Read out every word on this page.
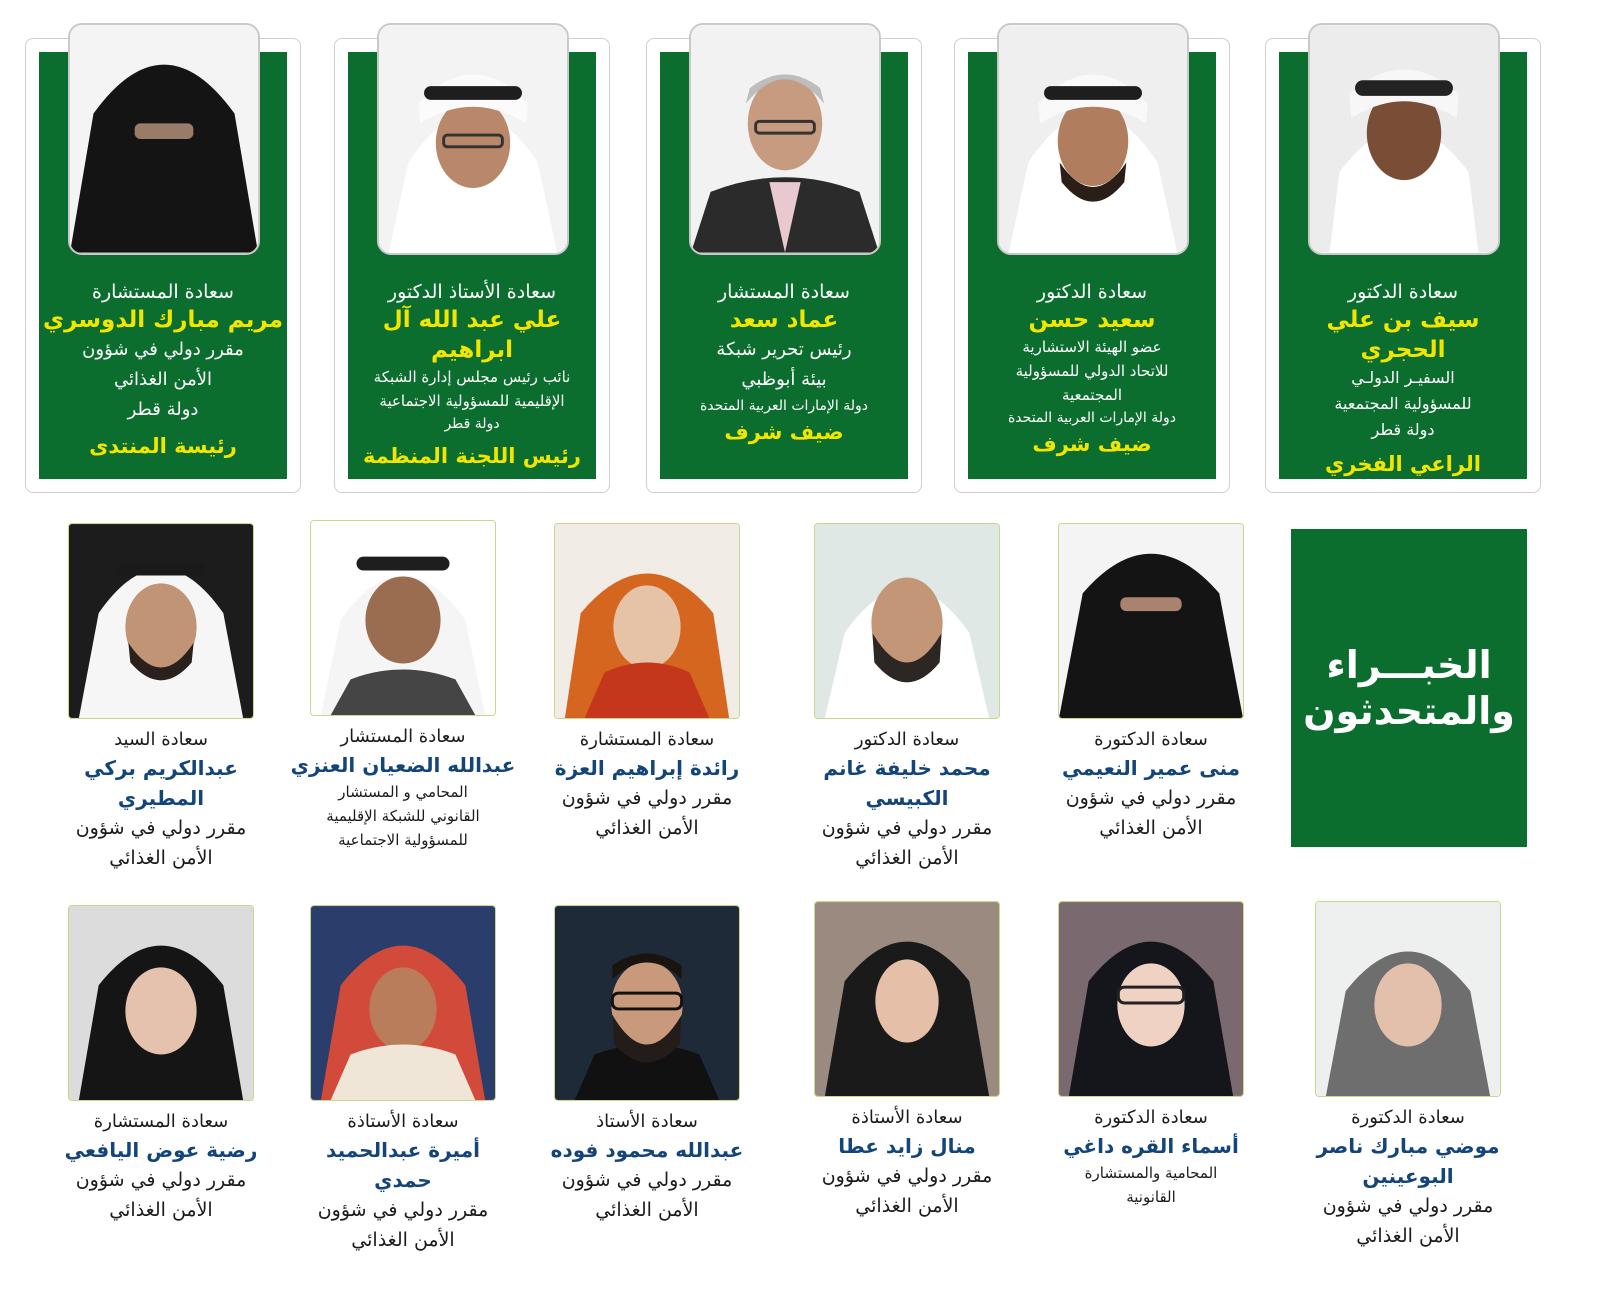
سعادة الدكتور
سيف بن علي الحجري
السفيـر الدولـي
للمسؤولية المجتمعية
دولة قطر
الراعي الفخري
سعادة الدكتور
سعيد حسن
عضو الهيئة الاستشارية
للاتحاد الدولي للمسؤولية
المجتمعية
دولة الإمارات العربية المتحدة
ضيف شرف
سعادة المستشار
عماد سعد
رئيس تحرير شبكة
بيئة أبوظبي
دولة الإمارات العربية المتحدة
ضيف شرف
سعادة الأستاذ الدكتور
علي عبد الله آل ابراهيم
نائب رئيس مجلس إدارة الشبكة
الإقليمية للمسؤولية الاجتماعية
دولة قطر
رئيس اللجنة المنظمة
سعادة المستشارة
مريم مبارك الدوسري
مقرر دولي في شؤون
الأمن الغذائي
دولة قطر
رئيسة المنتدى
الخبـــراء
والمتحدثون
سعادة الدكتورة
منى عمير النعيمي
مقرر دولي في شؤون
الأمن الغذائي
سعادة الدكتور
محمد خليفة غانم
الكبيسي
مقرر دولي في شؤون
الأمن الغذائي
سعادة المستشارة
رائدة إبراهيم العزة
مقرر دولي في شؤون
الأمن الغذائي
سعادة المستشار
عبدالله الضعيان العنزي
المحامي و المستشار
القانوني للشبكة الإقليمية
للمسؤولية الاجتماعية
سعادة السيد
عبدالكريم بركي
المطيري
مقرر دولي في شؤون
الأمن الغذائي
سعادة الدكتورة
موضي مبارك ناصر
البوعينين
مقرر دولي في شؤون
الأمن الغذائي
سعادة الدكتورة
أسماء القره داغي
المحامية والمستشارة
القانونية
سعادة الأستاذة
منال زايد عطا
مقرر دولي في شؤون
الأمن الغذائي
سعادة الأستاذ
عبدالله محمود فوده
مقرر دولي في شؤون
الأمن الغذائي
سعادة الأستاذة
أميرة عبدالحميد
حمدي
مقرر دولي في شؤون
الأمن الغذائي
سعادة المستشارة
رضية عوض اليافعي
مقرر دولي في شؤون
الأمن الغذائي
